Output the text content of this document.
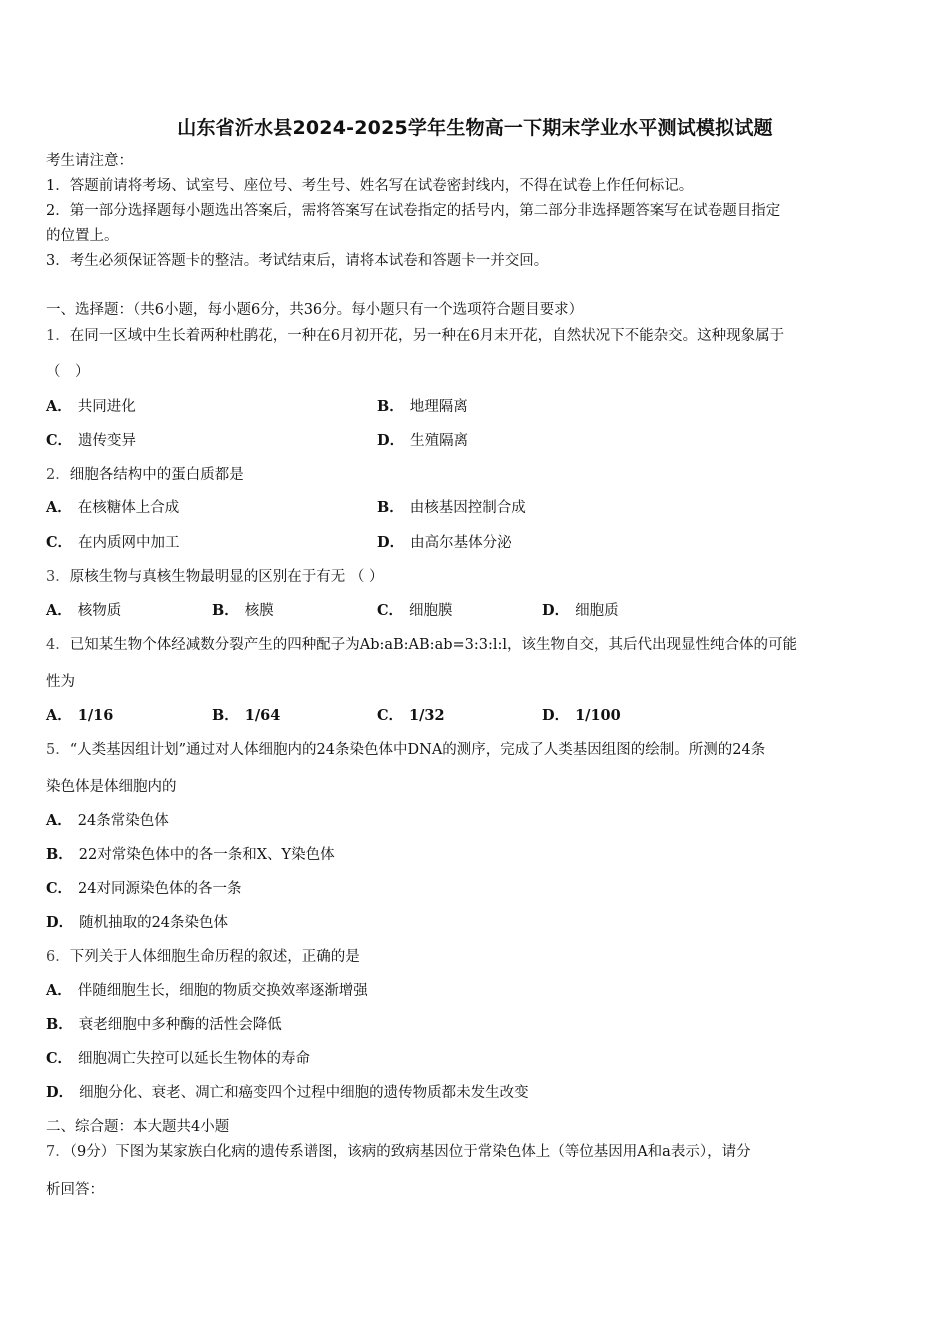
山东省沂水县2024-2025学年生物高一下期末学业水平测试模拟试题
考生请注意：
1．答题前请将考场、试室号、座位号、考生号、姓名写在试卷密封线内，不得在试卷上作任何标记。
2．第一部分选择题每小题选出答案后，需将答案写在试卷指定的括号内，第二部分非选择题答案写在试卷题目指定
的位置上。
3．考生必须保证答题卡的整洁。考试结束后，请将本试卷和答题卡一并交回。
一、选择题：（共6小题，每小题6分，共36分。每小题只有一个选项符合题目要求）
1．在同一区域中生长着两种杜鹃花，一种在6月初开花，另一种在6月末开花，自然状况下不能杂交。这种现象属于
（　）
A． 共同进化	B． 地理隔离
C． 遗传变异	D． 生殖隔离
2．细胞各结构中的蛋白质都是
A． 在核糖体上合成	B． 由核基因控制合成
C． 在内质网中加工	D． 由高尔基体分泌
3．原核生物与真核生物最明显的区别在于有无 （ ）
A． 核物质	B． 核膜	C． 细胞膜	D． 细胞质
4．已知某生物个体经减数分裂产生的四种配子为Ab:aB:AB:ab=3:3:l:l，该生物自交，其后代出现显性纯合体的可能
性为
A． 1/16	B． 1/64	C． 1/32	D． 1/100
5．“人类基因组计划”通过对人体细胞内的24条染色体中DNA的测序，完成了人类基因组图的绘制。所测的24条
染色体是体细胞内的
A． 24条常染色体
B． 22对常染色体中的各一条和X、Y染色体
C． 24对同源染色体的各一条
D． 随机抽取的24条染色体
6．下列关于人体细胞生命历程的叙述，正确的是
A． 伴随细胞生长，细胞的物质交换效率逐渐增强
B． 衰老细胞中多种酶的活性会降低
C． 细胞凋亡失控可以延长生物体的寿命
D． 细胞分化、衰老、凋亡和癌变四个过程中细胞的遗传物质都未发生改变
二、综合题：本大题共4小题
7．（9分）下图为某家族白化病的遗传系谱图，该病的致病基因位于常染色体上（等位基因用A和a表示），请分
析回答：
